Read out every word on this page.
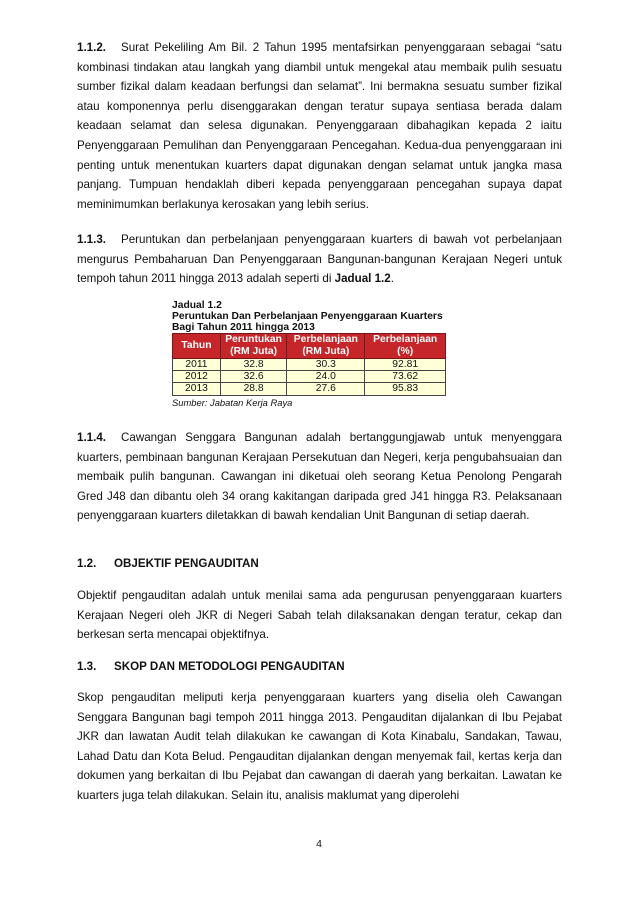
1.1.2. Surat Pekeliling Am Bil. 2 Tahun 1995 mentafsirkan penyenggaraan sebagai “satu kombinasi tindakan atau langkah yang diambil untuk mengekal atau membaik pulih sesuatu sumber fizikal dalam keadaan berfungsi dan selamat”. Ini bermakna sesuatu sumber fizikal atau komponennya perlu disenggarakan dengan teratur supaya sentiasa berada dalam keadaan selamat dan selesa digunakan. Penyenggaraan dibahagikan kepada 2 iaitu Penyenggaraan Pemulihan dan Penyenggaraan Pencegahan. Kedua-dua penyenggaraan ini penting untuk menentukan kuarters dapat digunakan dengan selamat untuk jangka masa panjang. Tumpuan hendaklah diberi kepada penyenggaraan pencegahan supaya dapat meminimumkan berlakunya kerosakan yang lebih serius.

1.1.3. Peruntukan dan perbelanjaan penyenggaraan kuarters di bawah vot perbelanjaan mengurus Pembaharuan Dan Penyenggaraan Bangunan-bangunan Kerajaan Negeri untuk tempoh tahun 2011 hingga 2013 adalah seperti di Jadual 1.2.

Jadual 1.2

Peruntukan Dan Perbelanjaan Penyenggaraan Kuarters

Bagi Tahun 2011 hingga 2013

Tahun	Peruntukan (RM Juta)	Perbelanjaan (RM Juta)	Perbelanjaan (%)
2011	32.8	30.3	92.81
2012	32.6	24.0	73.62
2013	28.8	27.6	95.83
Sumber: Jabatan Kerja Raya

1.1.4. Cawangan Senggara Bangunan adalah bertanggungjawab untuk menyenggara kuarters, pembinaan bangunan Kerajaan Persekutuan dan Negeri, kerja pengubahsuaian dan membaik pulih bangunan. Cawangan ini diketuai oleh seorang Ketua Penolong Pengarah Gred J48 dan dibantu oleh 34 orang kakitangan daripada gred J41 hingga R3. Pelaksanaan penyenggaraan kuarters diletakkan di bawah kendalian Unit Bangunan di setiap daerah.

1.2. OBJEKTIF PENGAUDITAN

Objektif pengauditan adalah untuk menilai sama ada pengurusan penyenggaraan kuarters Kerajaan Negeri oleh JKR di Negeri Sabah telah dilaksanakan dengan teratur, cekap dan berkesan serta mencapai objektifnya.

1.3. SKOP DAN METODOLOGI PENGAUDITAN

Skop pengauditan meliputi kerja penyenggaraan kuarters yang diselia oleh Cawangan Senggara Bangunan bagi tempoh 2011 hingga 2013. Pengauditan dijalankan di Ibu Pejabat JKR dan lawatan Audit telah dilakukan ke cawangan di Kota Kinabalu, Sandakan, Tawau, Lahad Datu dan Kota Belud. Pengauditan dijalankan dengan menyemak fail, kertas kerja dan dokumen yang berkaitan di Ibu Pejabat dan cawangan di daerah yang berkaitan. Lawatan ke kuarters juga telah dilakukan. Selain itu, analisis maklumat yang diperolehi

4
